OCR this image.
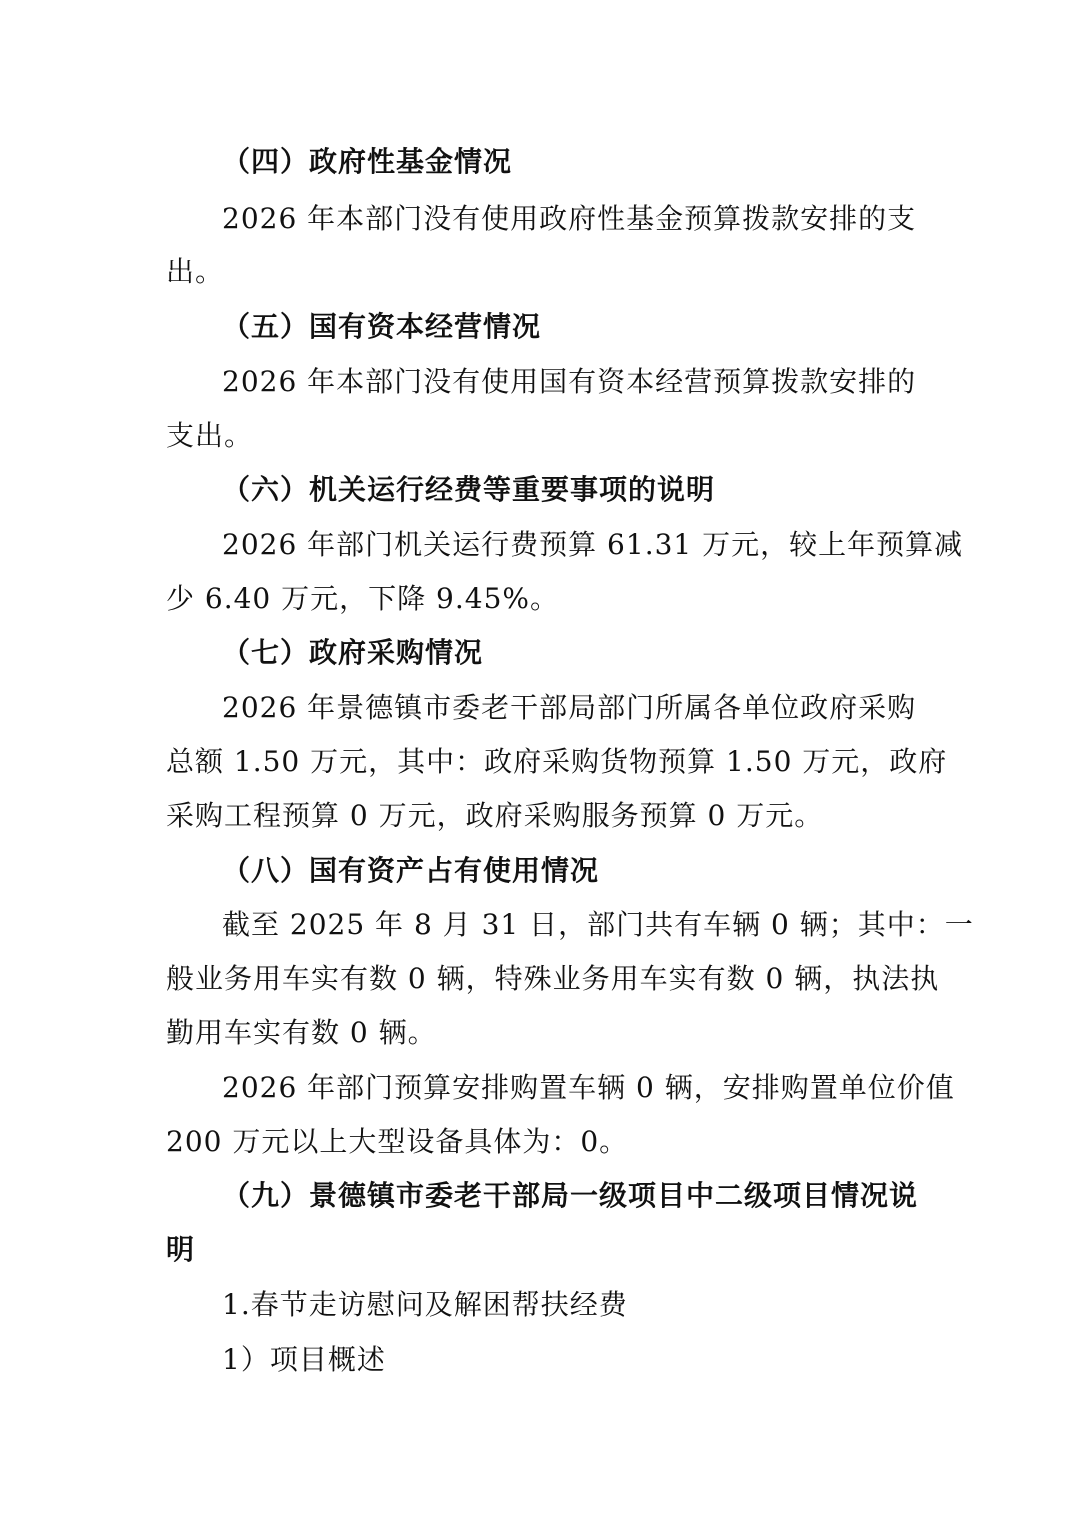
（四）政府性基金情况
2026 年本部门没有使用政府性基金预算拨款安排的支
出。
（五）国有资本经营情况
2026 年本部门没有使用国有资本经营预算拨款安排的
支出。
（六）机关运行经费等重要事项的说明
2026 年部门机关运行费预算 61.31 万元，较上年预算减
少 6.40 万元，下降 9.45%。
（七）政府采购情况
2026 年景德镇市委老干部局部门所属各单位政府采购
总额 1.50 万元，其中：政府采购货物预算 1.50 万元，政府
采购工程预算 0 万元，政府采购服务预算 0 万元。
（八）国有资产占有使用情况
截至 2025 年 8 月 31 日，部门共有车辆 0 辆；其中：一
般业务用车实有数 0 辆，特殊业务用车实有数 0 辆，执法执
勤用车实有数 0 辆。
2026 年部门预算安排购置车辆 0 辆，安排购置单位价值
200 万元以上大型设备具体为：0。
（九）景德镇市委老干部局一级项目中二级项目情况说
明
1.春节走访慰问及解困帮扶经费
1）项目概述
